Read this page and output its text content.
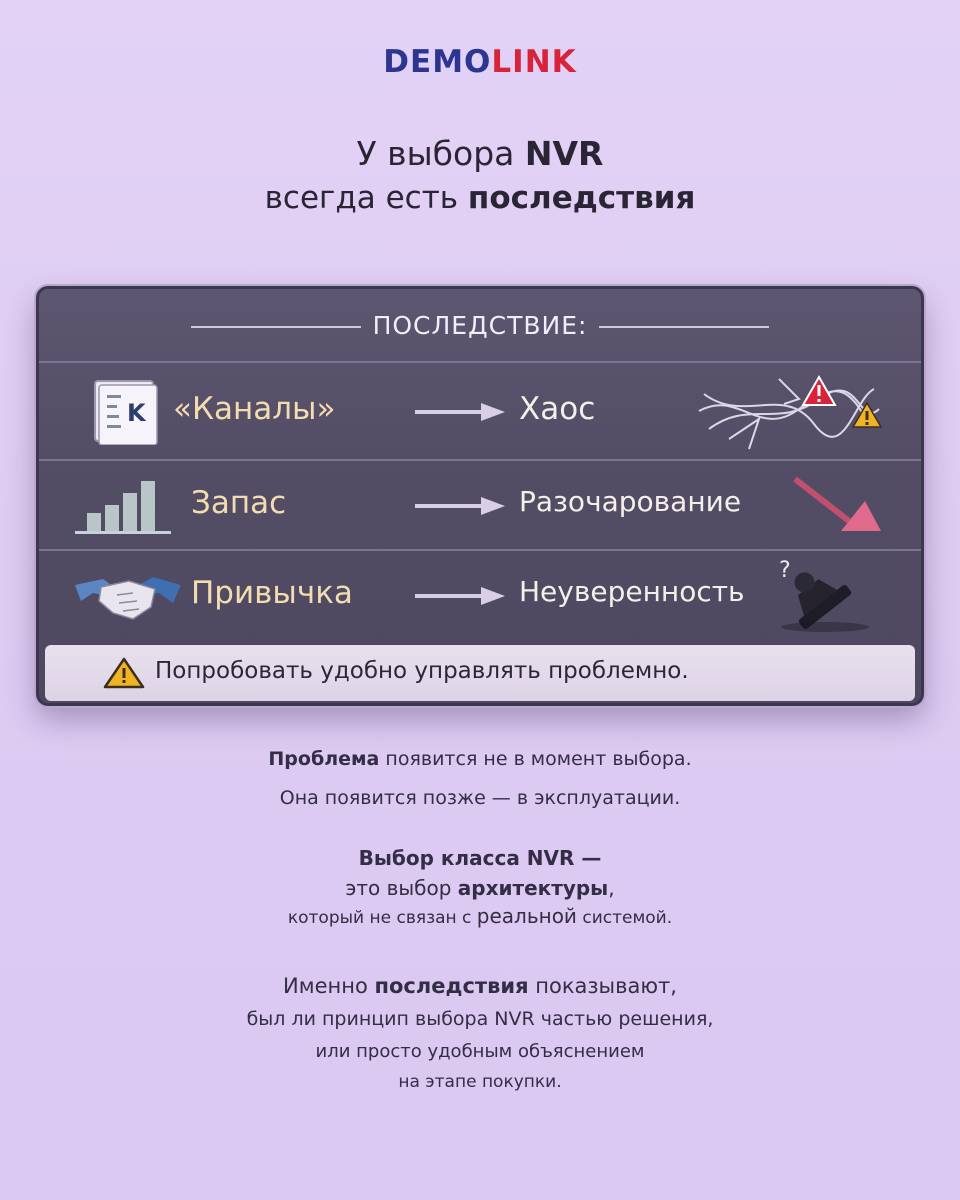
DEMOLINK
У выбора NVR
всегда есть последствия
ПОСЛЕДСТВИЕ:
K «Каналы»	Хаос
Запас	Разочарование
Привычка	Неуверенность
?
Попробовать удобно управлять проблемно.
Проблема появится не в момент выбора.
Она появится позже — в эксплуатации.
Выбор класса NVR —
это выбор архитектуры,
который не связан с реальной системой.
Именно последствия показывают,
был ли принцип выбора NVR частью решения,
или просто удобным объяснением
на этапе покупки.
